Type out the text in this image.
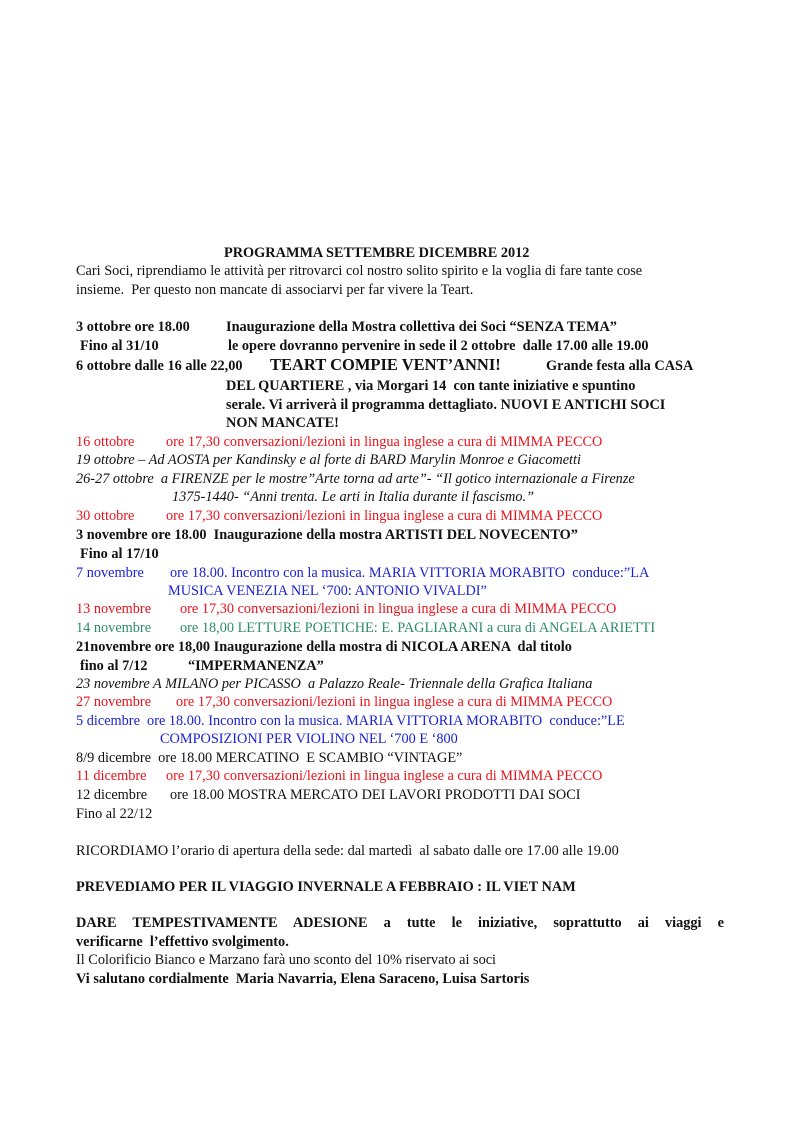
PROGRAMMA SETTEMBRE DICEMBRE 2012
Cari Soci, riprendiamo le attività per ritrovarci col nostro solito spirito e la voglia di fare tante cose
insieme.  Per questo non mancate di associarvi per far vivere la Teart.
3 ottobre ore 18.00	Inaugurazione della Mostra collettiva dei Soci “SENZA TEMA”
Fino al 31/10	le opere dovranno pervenire in sede il 2 ottobre  dalle 17.00 alle 19.00
6 ottobre dalle 16 alle 22,00 TEART COMPIE VENT’ANNI!	Grande festa alla CASA
DEL QUARTIERE , via Morgari 14  con tante iniziative e spuntino
serale. Vi arriverà il programma dettagliato. NUOVI E ANTICHI SOCI
NON MANCATE!
16 ottobre ore 17,30 conversazioni/lezioni in lingua inglese a cura di MIMMA PECCO
19 ottobre – Ad AOSTA per Kandinsky e al forte di BARD Marylin Monroe e Giacometti
26-27 ottobre  a FIRENZE per le mostre”Arte torna ad arte”- “Il gotico internazionale a Firenze
1375-1440- “Anni trenta. Le arti in Italia durante il fascismo.”
30 ottobre ore 17,30 conversazioni/lezioni in lingua inglese a cura di MIMMA PECCO
3 novembre ore 18.00  Inaugurazione della mostra ARTISTI DEL NOVECENTO”
Fino al 17/10
7 novembre ore 18.00. Incontro con la musica. MARIA VITTORIA MORABITO  conduce:”LA
MUSICA VENEZIA NEL ‘700: ANTONIO VIVALDI”
13 novembre ore 17,30 conversazioni/lezioni in lingua inglese a cura di MIMMA PECCO
14 novembre ore 18,00 LETTURE POETICHE: E. PAGLIARANI a cura di ANGELA ARIETTI
21novembre ore 18,00 Inaugurazione della mostra di NICOLA ARENA  dal titolo
fino al 7/12	“IMPERMANENZA”
23 novembre A MILANO per PICASSO  a Palazzo Reale- Triennale della Grafica Italiana
27 novembre ore 17,30 conversazioni/lezioni in lingua inglese a cura di MIMMA PECCO
5 dicembre  ore 18.00. Incontro con la musica. MARIA VITTORIA MORABITO  conduce:”LE
COMPOSIZIONI PER VIOLINO NEL ‘700 E ‘800
8/9 dicembre  ore 18.00 MERCATINO  E SCAMBIO “VINTAGE”
11 dicembre ore 17,30 conversazioni/lezioni in lingua inglese a cura di MIMMA PECCO
12 dicembre ore 18.00 MOSTRA MERCATO DEI LAVORI PRODOTTI DAI SOCI
Fino al 22/12
RICORDIAMO l’orario di apertura della sede: dal martedì  al sabato dalle ore 17.00 alle 19.00
PREVEDIAMO PER IL VIAGGIO INVERNALE A FEBBRAIO : IL VIET NAM
DARE TEMPESTIVAMENTE ADESIONE a tutte le iniziative, soprattutto ai viaggi e
verificarne  l’effettivo svolgimento.
Il Colorificio Bianco e Marzano farà uno sconto del 10% riservato ai soci
Vi salutano cordialmente  Maria Navarria, Elena Saraceno, Luisa Sartoris
